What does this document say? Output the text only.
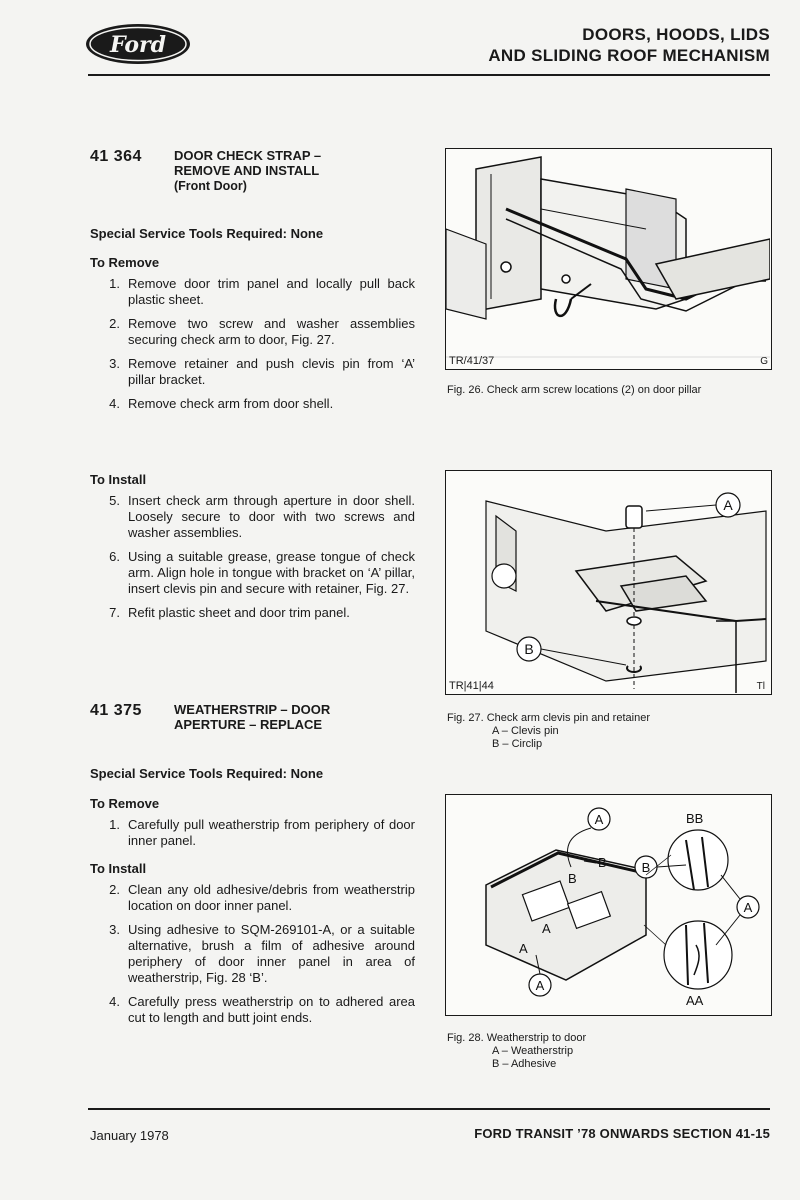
Ford	DOORS, HOODS, LIDS
AND SLIDING ROOF MECHANISM
41 364	DOOR CHECK STRAP –
REMOVE AND INSTALL
(Front Door)
Special Service Tools Required: None
To Remove
1. Remove door trim panel and locally pull back plastic sheet.
2. Remove two screw and washer assemblies securing check arm to door, Fig. 27.
3. Remove retainer and push clevis pin from ‘A’ pillar bracket.
4. Remove check arm from door shell.
To Install
5. Insert check arm through aperture in door shell. Loosely secure to door with two screws and washer assemblies.
6. Using a suitable grease, grease tongue of check arm. Align hole in tongue with bracket on ‘A’ pillar, insert clevis pin and secure with retainer, Fig. 27.
7. Refit plastic sheet and door trim panel.
41 375	WEATHERSTRIP – DOOR
APERTURE – REPLACE
Special Service Tools Required: None
To Remove
1. Carefully pull weatherstrip from periphery of door inner panel.
To Install
2. Clean any old adhesive/debris from weatherstrip location on door inner panel.
3. Using adhesive to SQM-269101-A, or a suitable alternative, brush a film of adhesive around periphery of door inner panel in area of weatherstrip, Fig. 28 ‘B’.
4. Carefully press weatherstrip on to adhered area cut to length and butt joint ends.
TR/41/37	G
Fig. 26. Check arm screw locations (2) on door pillar
A
B
TR|41|44	Tl
Fig. 27. Check arm clevis pin and retainer
A – Clevis pin
B – Circlip
A
B
B
A
A
A
BB
B
AA
A
Fig. 28. Weatherstrip to door
A – Weatherstrip
B – Adhesive
January 1978	FORD TRANSIT ’78 ONWARDS SECTION 41-15
